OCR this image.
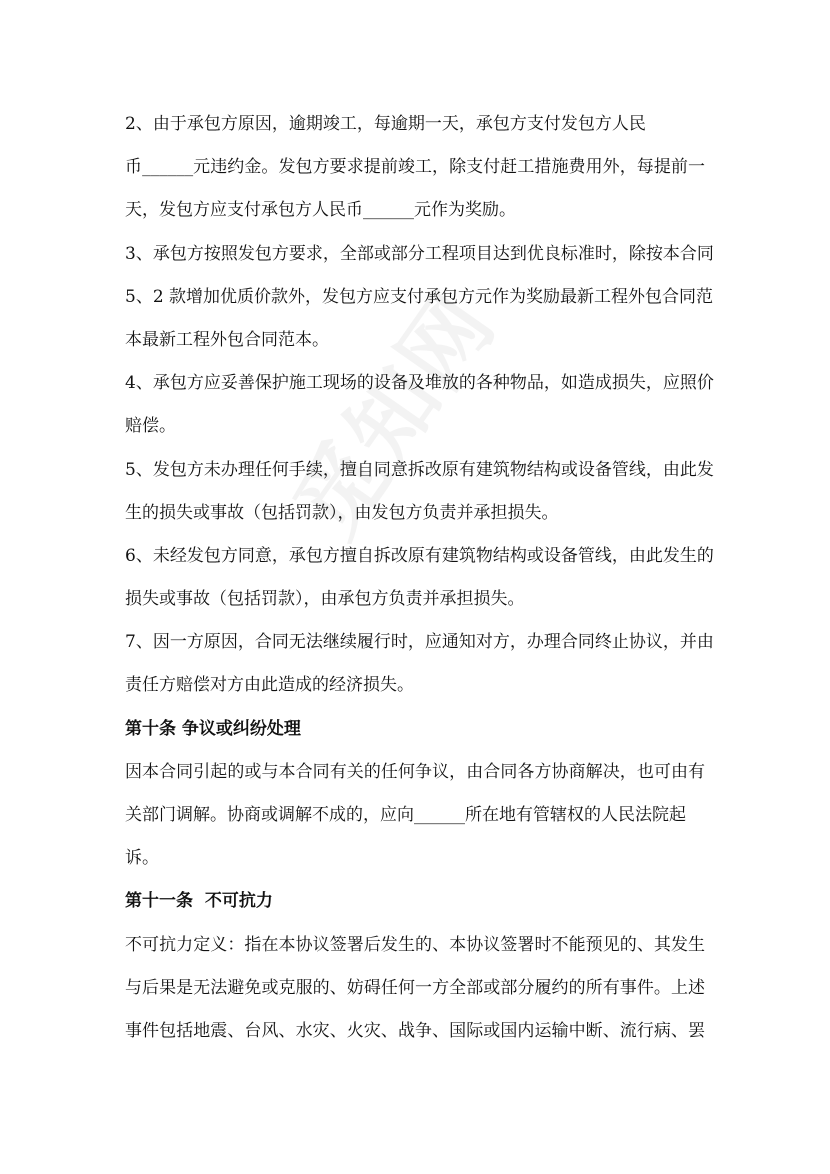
2、由于承包方原因，逾期竣工，每逾期一天，承包方支付发包方人民
币______元违约金。发包方要求提前竣工，除支付赶工措施费用外，每提前一
天，发包方应支付承包方人民币______元作为奖励。
3、承包方按照发包方要求，全部或部分工程项目达到优良标准时，除按本合同
5、2 款增加优质价款外，发包方应支付承包方元作为奖励最新工程外包合同范
本最新工程外包合同范本。
4、承包方应妥善保护施工现场的设备及堆放的各种物品，如造成损失，应照价
赔偿。
5、发包方未办理任何手续，擅自同意拆改原有建筑物结构或设备管线，由此发
生的损失或事故（包括罚款），由发包方负责并承担损失。
6、未经发包方同意，承包方擅自拆改原有建筑物结构或设备管线，由此发生的
损失或事故（包括罚款），由承包方负责并承担损失。
7、因一方原因，合同无法继续履行时，应通知对方，办理合同终止协议，并由
责任方赔偿对方由此造成的经济损失。
第十条 争议或纠纷处理
因本合同引起的或与本合同有关的任何争议，由合同各方协商解决，也可由有
关部门调解。协商或调解不成的，应向______所在地有管辖权的人民法院起
诉。
第十一条  不可抗力
不可抗力定义：指在本协议签署后发生的、本协议签署时不能预见的、其发生
与后果是无法避免或克服的、妨碍任何一方全部或部分履约的所有事件。上述
事件包括地震、台风、水灾、火灾、战争、国际或国内运输中断、流行病、罢
